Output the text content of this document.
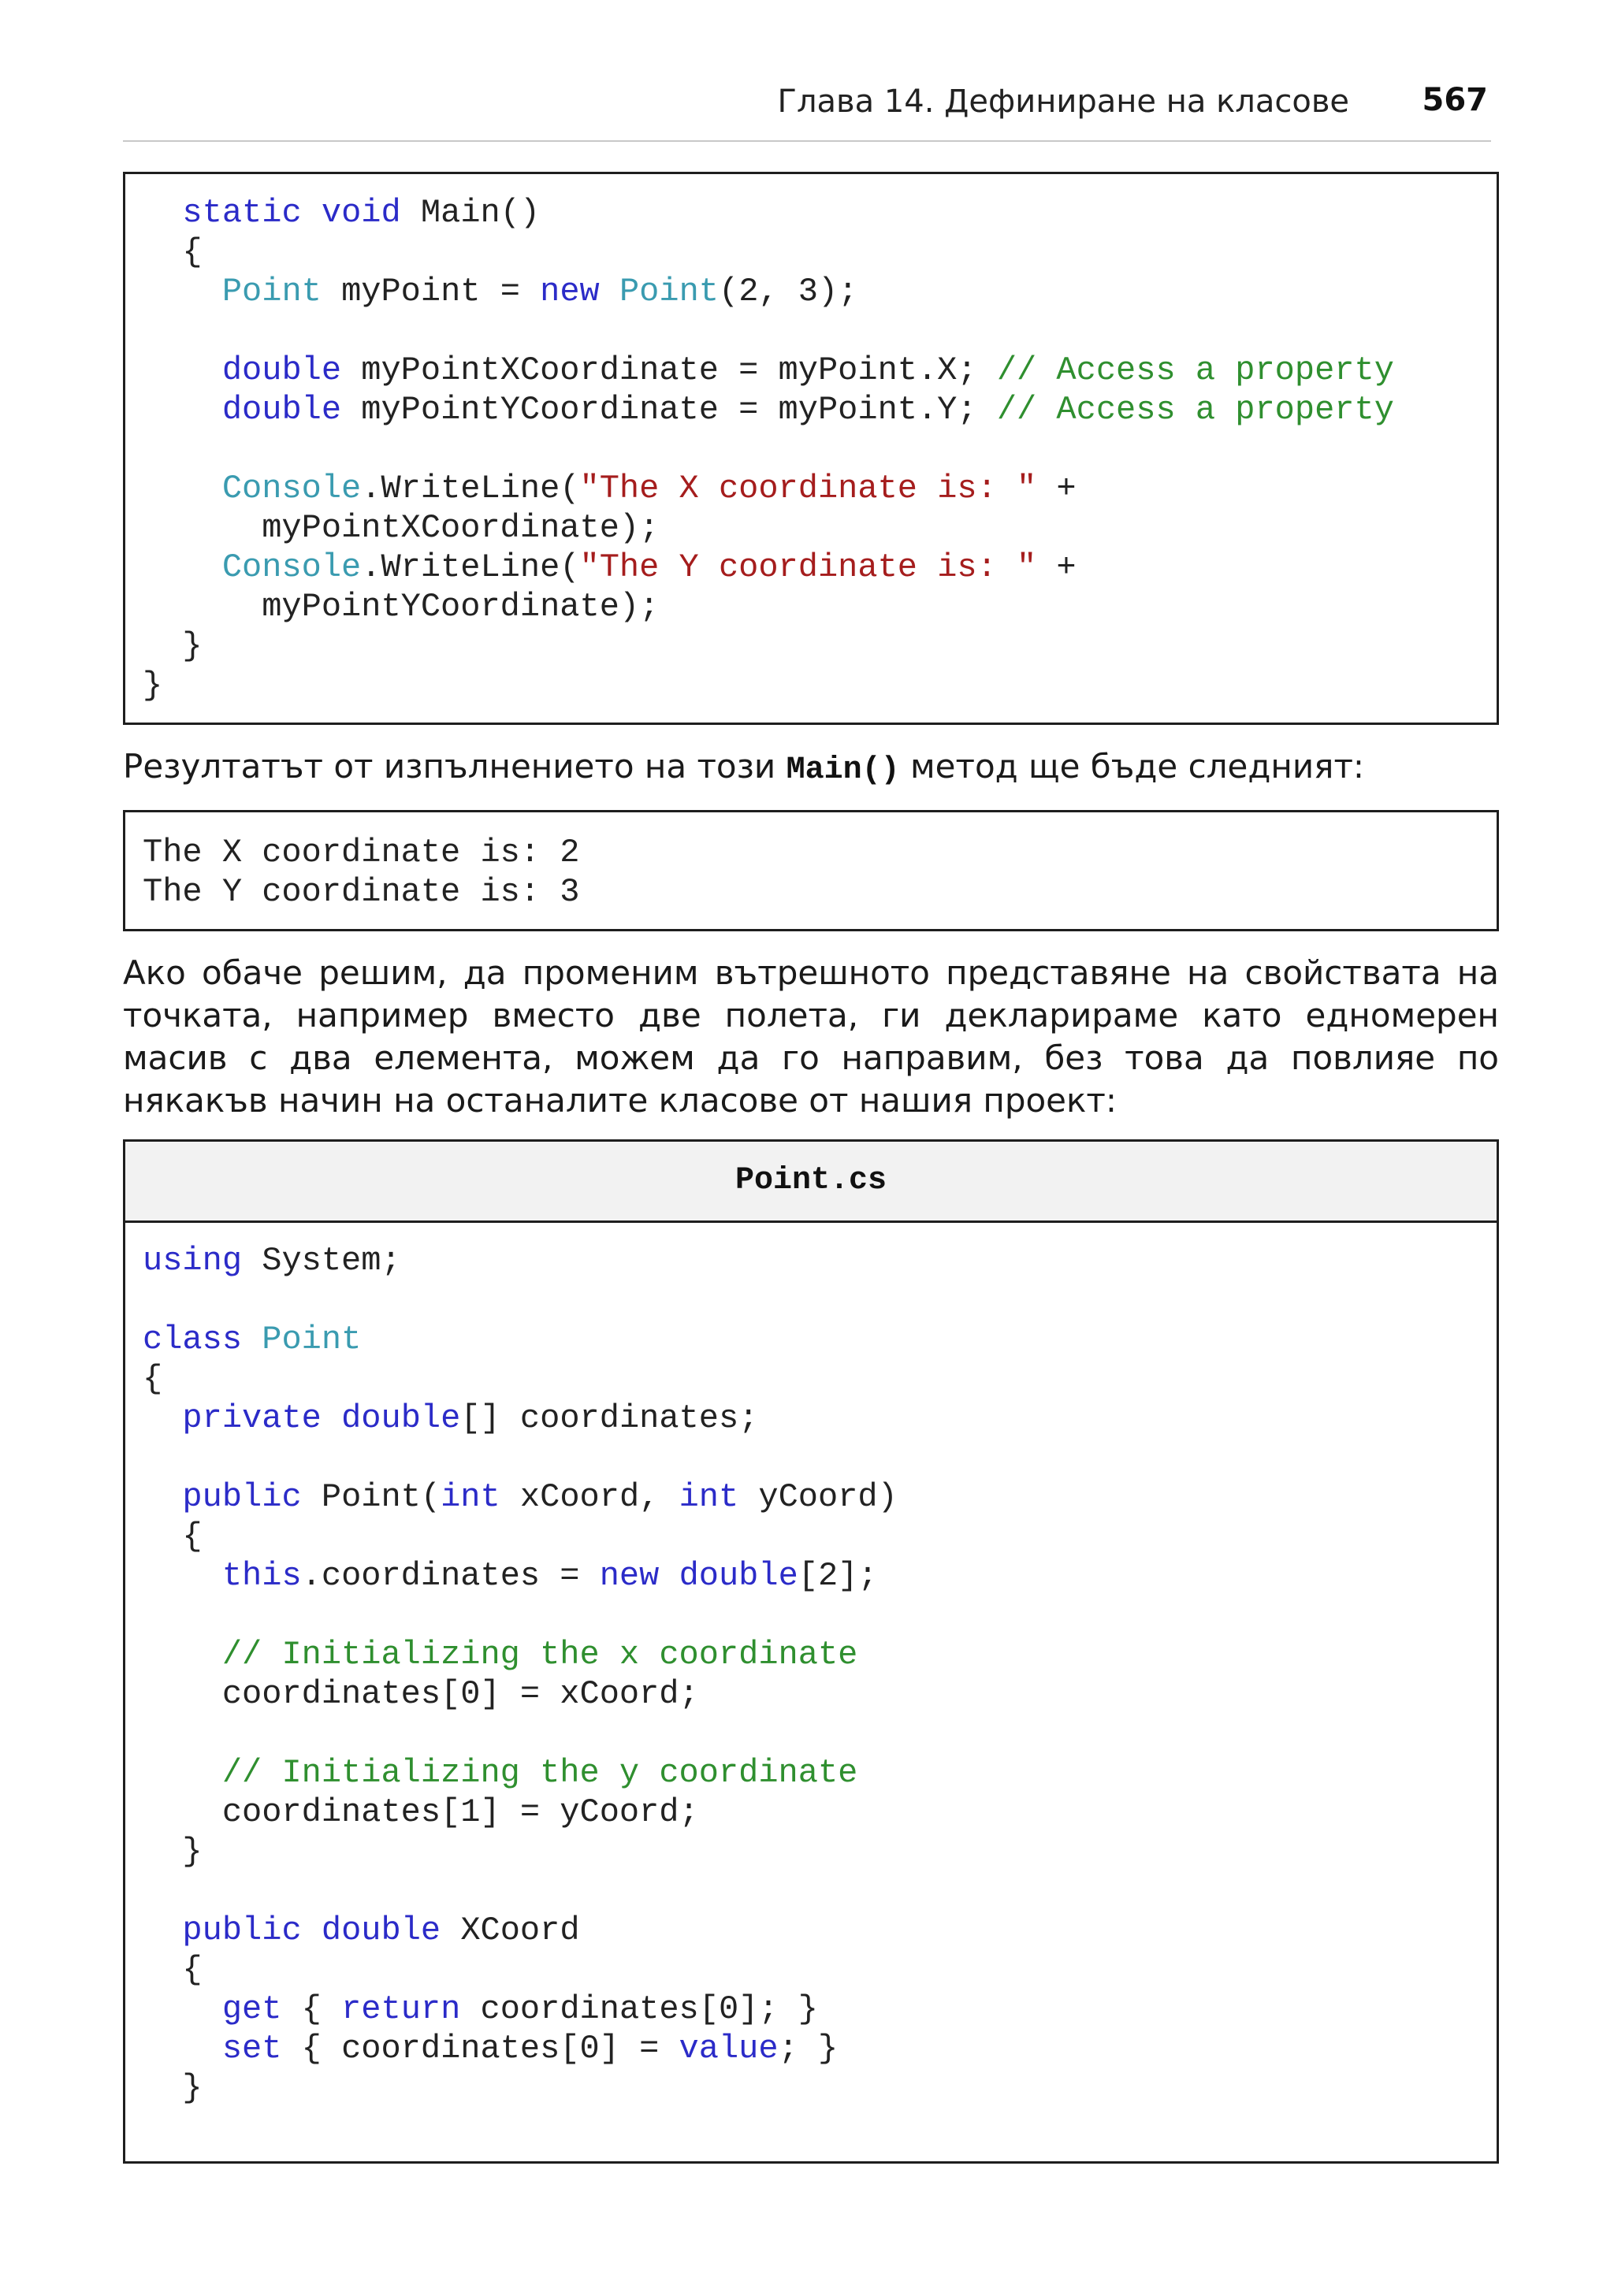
Глава 14. Дефиниране на класове 567
static void Main()
{
Point myPoint = new Point(2, 3);

double myPointXCoordinate = myPoint.X; // Access a property
double myPointYCoordinate = myPoint.Y; // Access a property

Console.WriteLine("The X coordinate is: " +
myPointXCoordinate);
Console.WriteLine("The Y coordinate is: " +
myPointYCoordinate);
}
}
Резултатът от изпълнението на този Main() метод ще бъде следният:
The X coordinate is: 2
The Y coordinate is: 3
Ако обаче решим, да променим вътрешното представяне на свойствата на точката, например вместо две полета, ги декларираме като едномерен масив с два елемента, можем да го направим, без това да повлияе по някакъв начин на останалите класове от нашия проект:
Point.cs
using System;

class Point
{
private double[] coordinates;

public Point(int xCoord, int yCoord)
{
this.coordinates = new double[2];

// Initializing the x coordinate
coordinates[0] = xCoord;

// Initializing the y coordinate
coordinates[1] = yCoord;
}

public double XCoord
{
get { return coordinates[0]; }
set { coordinates[0] = value; }
}
